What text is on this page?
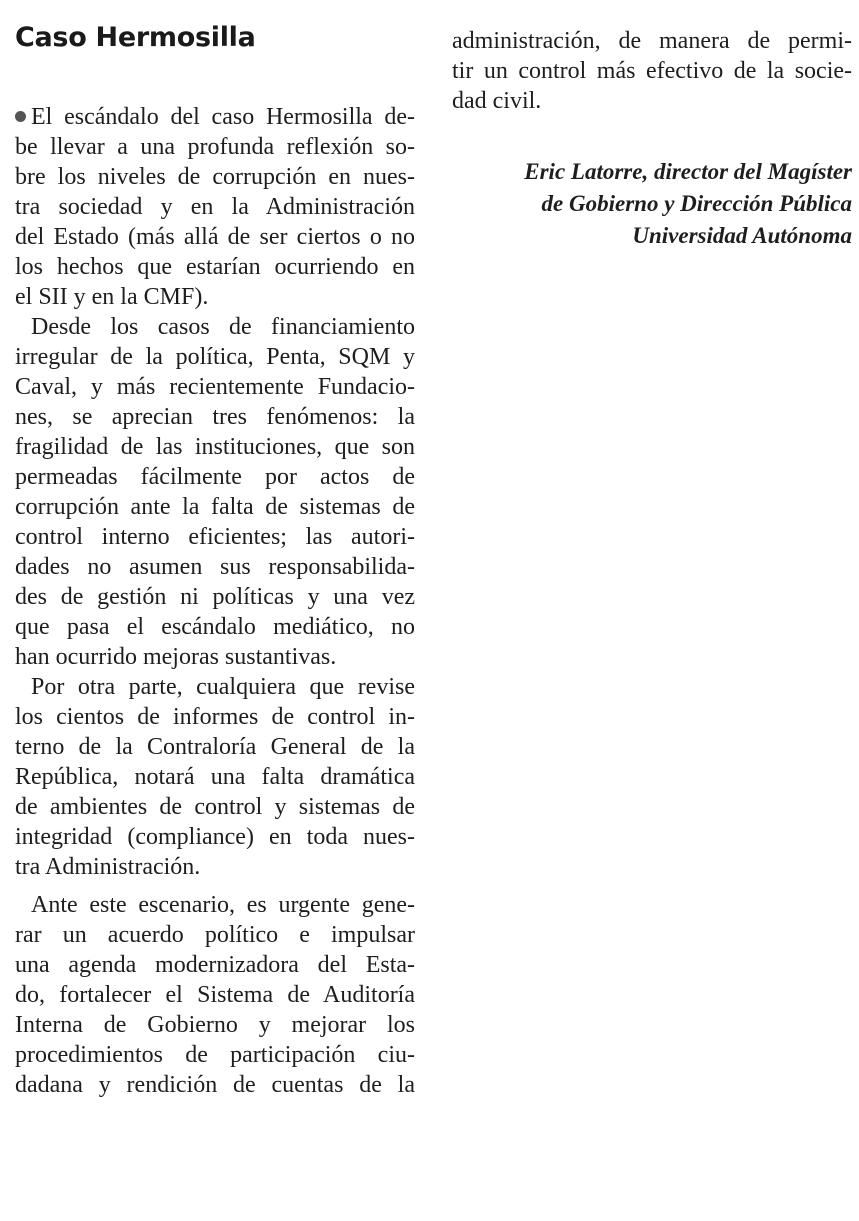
Caso Hermosilla
El escándalo del caso Hermosilla de-
be llevar a una profunda reflexión so-
bre los niveles de corrupción en nues-
tra sociedad y en la Administración
del Estado (más allá de ser ciertos o no
los hechos que estarían ocurriendo en
el SII y en la CMF).
Desde los casos de financiamiento
irregular de la política, Penta, SQM y
Caval, y más recientemente Fundacio-
nes, se aprecian tres fenómenos: la
fragilidad de las instituciones, que son
permeadas fácilmente por actos de
corrupción ante la falta de sistemas de
control interno eficientes; las autori-
dades no asumen sus responsabilida-
des de gestión ni políticas y una vez
que pasa el escándalo mediático, no
han ocurrido mejoras sustantivas.
Por otra parte, cualquiera que revise
los cientos de informes de control in-
terno de la Contraloría General de la
República, notará una falta dramática
de ambientes de control y sistemas de
integridad (compliance) en toda nues-
tra Administración.
Ante este escenario, es urgente gene-
rar un acuerdo político e impulsar
una agenda modernizadora del Esta-
do, fortalecer el Sistema de Auditoría
Interna de Gobierno y mejorar los
procedimientos de participación ciu-
dadana y rendición de cuentas de la
administración, de manera de permi-
tir un control más efectivo de la socie-
dad civil.
Eric Latorre, director del Magíster
de Gobierno y Dirección Pública
Universidad Autónoma
